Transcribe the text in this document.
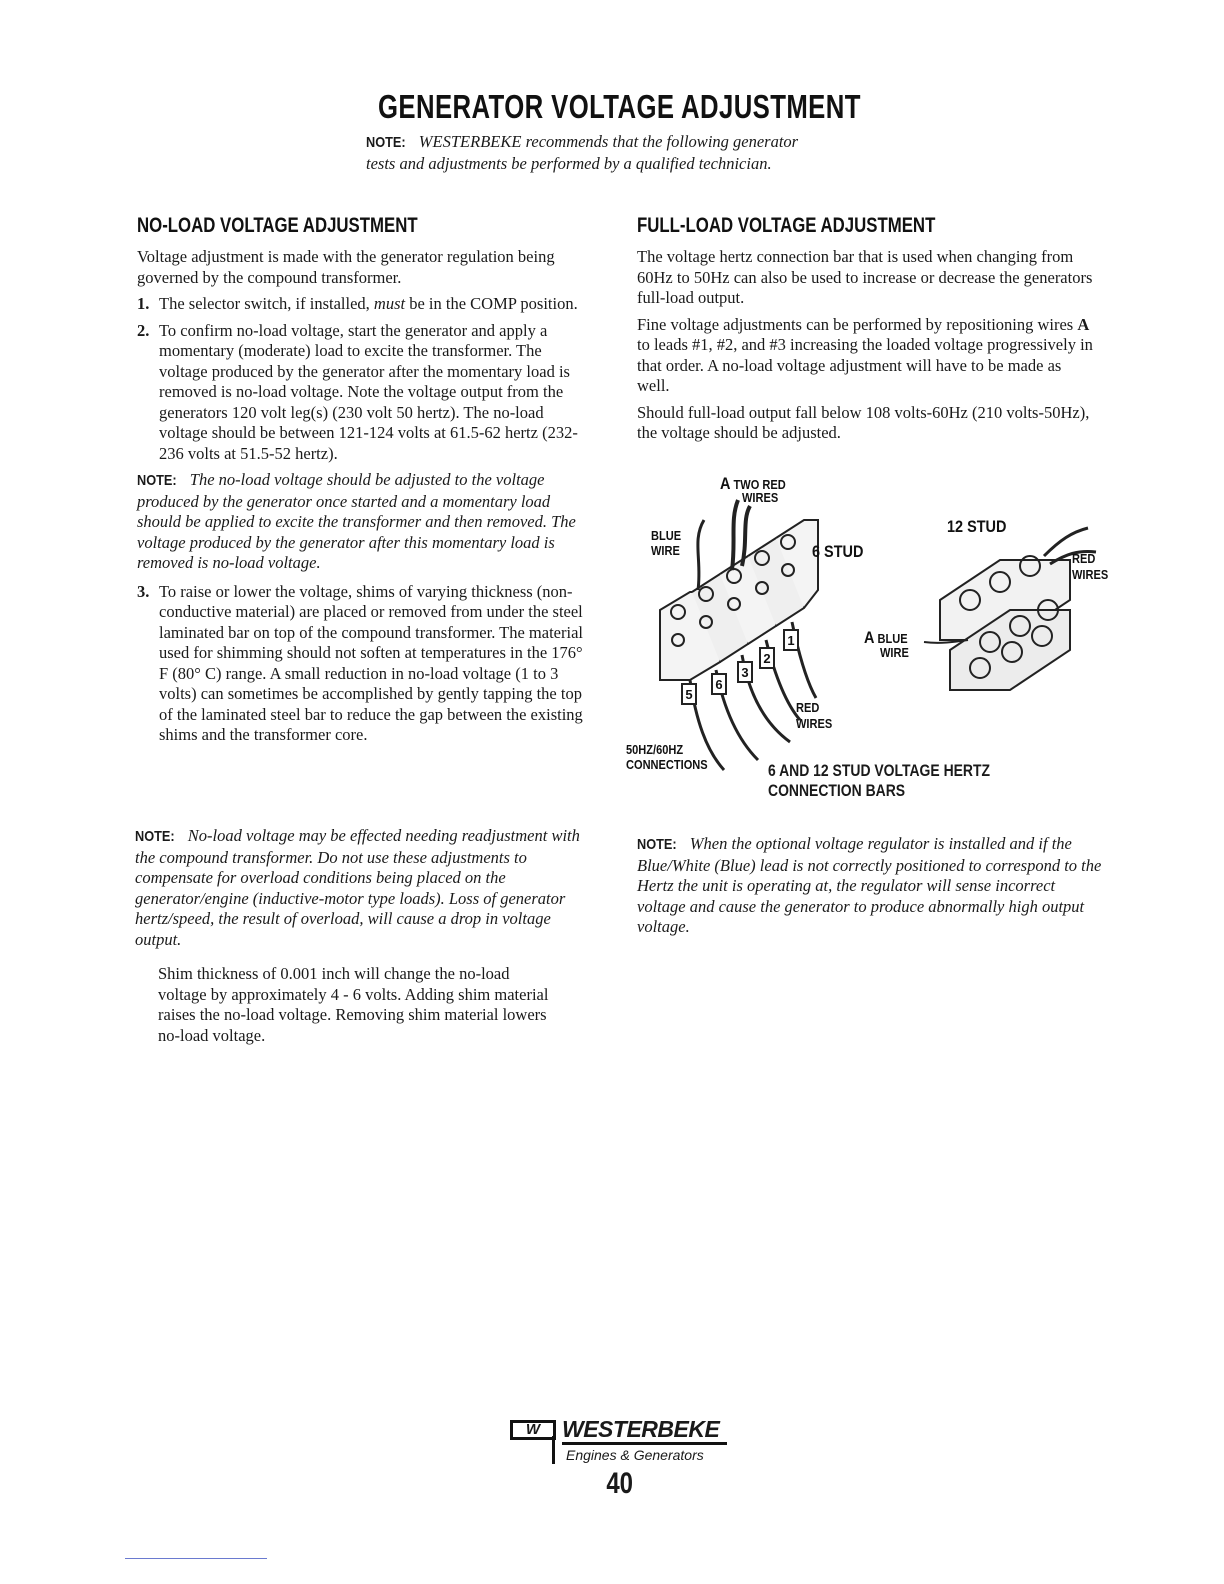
GENERATOR VOLTAGE ADJUSTMENT
NOTE: WESTERBEKE recommends that the following generator
tests and adjustments be performed by a qualified technician.
NO-LOAD VOLTAGE ADJUSTMENT

Voltage adjustment is made with the generator regulation being governed by the compound transformer.

1. The selector switch, if installed, must be in the COMP position.
2. To confirm no-load voltage, start the generator and apply a momentary (moderate) load to excite the transformer. The voltage produced by the generator after the momentary load is removed is no-load voltage. Note the voltage output from the generators 120 volt leg(s) (230 volt 50 hertz). The no-load voltage should be between 121-124 volts at 61.5-62 hertz (232- 236 volts at 51.5-52 hertz).
NOTE: The no-load voltage should be adjusted to the voltage produced by the generator once started and a momentary load should be applied to excite the transformer and then removed. The voltage produced by the generator after this momentary load is removed is no-load voltage.
3. To raise or lower the voltage, shims of varying thickness (non-conductive material) are placed or removed from under the steel laminated bar on top of the compound transformer. The material used for shimming should not soften at temperatures in the 176° F (80° C) range. A small reduction in no-load voltage (1 to 3 volts) can sometimes be accomplished by gently tapping the top of the laminated steel bar to reduce the gap between the existing shims and the transformer core.
NOTE: No-load voltage may be effected needing readjustment with the compound transformer. Do not use these adjustments to compensate for overload conditions being placed on the generator/engine (inductive-motor type loads). Loss of generator hertz/speed, the result of overload, will cause a drop in voltage output.
Shim thickness of 0.001 inch will change the no-load voltage by approximately 4 - 6 volts. Adding shim material raises the no-load voltage. Removing shim material lowers no-load voltage.
FULL-LOAD VOLTAGE ADJUSTMENT

The voltage hertz connection bar that is used when changing from 60Hz to 50Hz can also be used to increase or decrease the generators full-load output.

Fine voltage adjustments can be performed by repositioning wires A to leads #1, #2, and #3 increasing the loaded voltage progressively in that order. A no-load voltage adjustment will have to be made as well.

Should full-load output fall below 108 volts-60Hz (210 volts-50Hz), the voltage should be adjusted.

5
6
3
2
1
A TWO RED
WIRES
BLUE
WIRE	6 STUD
12 STUD
RED
WIRES
A BLUE
WIRE
RED
WIRES
50HZ/60HZ
CONNECTIONS	6 AND 12 STUD VOLTAGE HERTZ
CONNECTION BARS
NOTE: When the optional voltage regulator is installed and if the Blue/White (Blue) lead is not correctly positioned to correspond to the Hertz the unit is operating at, the regulator will sense incorrect voltage and cause the generator to produce abnormally high output voltage.
W WESTERBEKE
Engines & Generators
40
